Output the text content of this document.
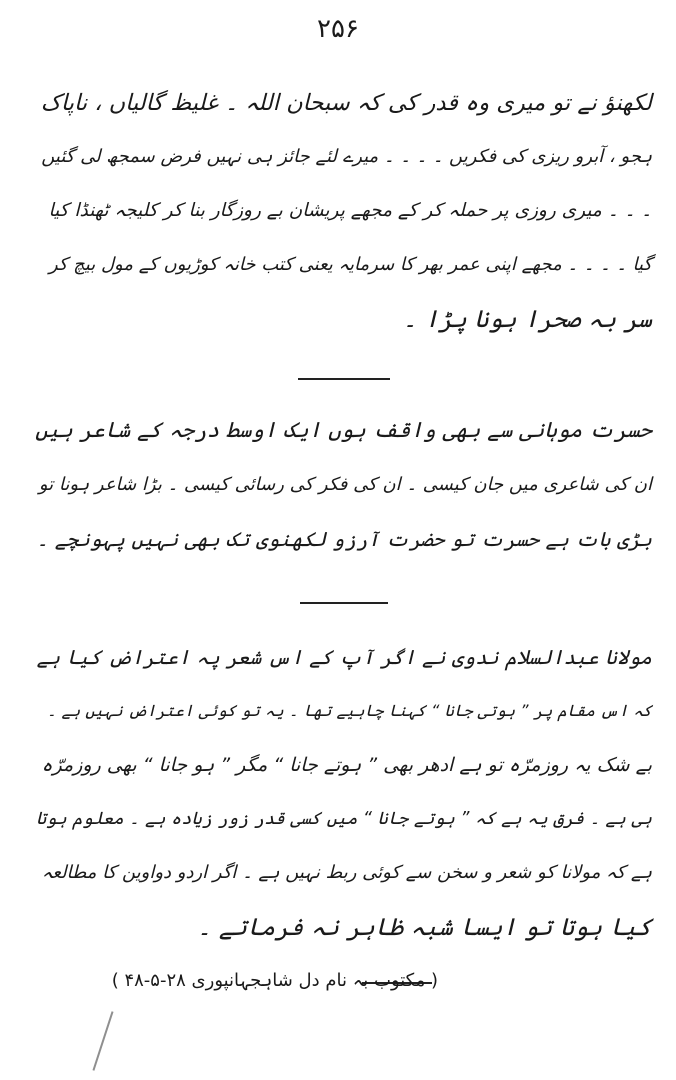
۲۵۶
لکھنؤ نے تو میری وہ قدر کی کہ سبحان اللہ ۔ غلیظ گالیاں ، ناپاک
ہجو ، آبرو ریزی کی فکریں ۔ ۔ ۔ ۔ میرے لئے جائز ہی نہیں فرض سمجھ لی گئیں
۔ ۔ ۔ میری روزی پر حملہ کر کے مجھے پریشان بے روزگار بنا کر کلیجہ ٹھنڈا کیا
گیا ۔ ۔ ۔ ۔ مجھے اپنی عمر بھر کا سرمایہ یعنی کتب خانہ کوڑیوں کے مول بیچ کر
سر بہ صحرا ہونا پڑا ۔
حسرت موہانی سے بھی واقف ہوں ایک اوسط درجہ کے شاعر ہیں
ان کی شاعری میں جان کیسی ۔ ان کی فکر کی رسائی کیسی ۔ بڑا شاعر ہونا تو
بڑی بات ہے حسرت تو حضرت آرزو لکھنوی تک بھی نہیں پہونچے ۔
مولانا عبدالسلام ندوی نے اگر آپ کے اس شعر پہ اعتراض کیا ہے
کہ اس مقام پر ” ہوتی جانا “ کہنا چاہیے تھا ۔ یہ تو کوئی اعتراض نہیں ہے ۔
بے شک یہ روزمرّہ تو ہے ادھر بھی ” ہوتے جانا “ مگر ” ہو جانا “ بھی روزمرّہ
ہی ہے ۔ فرق یہ ہے کہ ” ہوتے جانا “ میں کسی قدر زور زیادہ ہے ۔ معلوم ہوتا
ہے کہ مولانا کو شعر و سخن سے کوئی ربط نہیں ہے ۔ اگر اردو دواوین کا مطالعہ
کیا ہوتا تو ایسا شبہ ظاہر نہ فرماتے ۔
( مکتوب بہ نام دل شاہجہانپوری ۲۸-۵-۴۸ )
